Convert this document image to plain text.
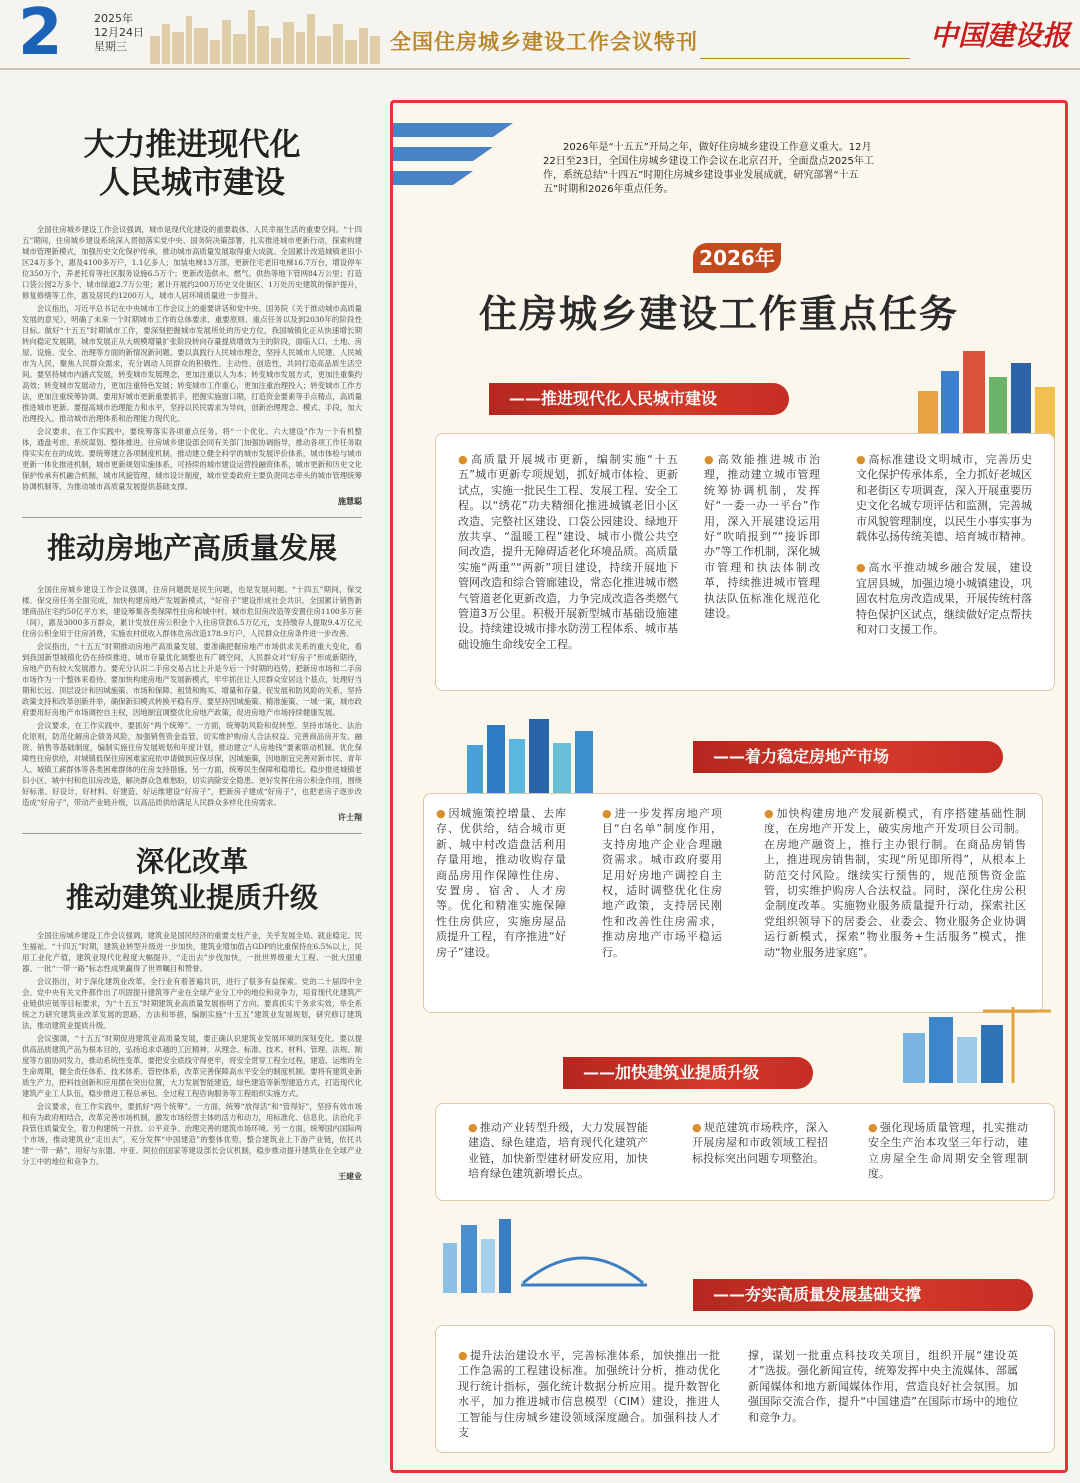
2	2025年
12月24日
星期三	全国住房城乡建设工作会议特刊	中国建设报
大力推进现代化
人民城市建设

全国住房城乡建设工作会议强调，城市是现代化建设的重要载体、人民幸福生活的重要空间。“十四五”期间，住房城乡建设系统深入贯彻落实党中央、国务院决策部署，扎实推进城市更新行动，探索构建城市管理新模式，加强历史文化保护传承，推动城市高质量发展取得重大成就。全国累计改造城镇老旧小区24万多个，惠及4100多万户，1.1亿多人；加装电梯13万部，更新住宅老旧电梯16.7万台，增设停车位350万个，养老托育等社区服务设施6.5万个；更新改造供水、燃气、供热等地下管网84万公里；打造口袋公园2万多个、城市绿道2.7万公里；累计开展约200万历史文化街区、1万处历史建筑的保护提升，修复修缮等工作，惠及居民约1200万人，城市人居环境质量进一步提升。

会议指出，习近平总书记在中央城市工作会议上的重要讲话和党中央、国务院《关于推动城市高质量发展的意见》，明确了未来一个时期城市工作的总体要求、重要原则、重点任务以及到2030年的阶段性目标。做好“十五五”时期城市工作，要深刻把握城市发展所处的历史方位，我国城镇化正从快速增长期转向稳定发展期，城市发展正从大规模增量扩张阶段转向存量提质增效为主的阶段，面临人口、土地、房屋、设施、安全、治理等方面的新情况新问题。要以真践行人民城市理念，坚持人民城市人民建、人民城市为人民，聚焦人民群众需求，充分调动人民群众的积极性、主动性、创造性，共同打造高品质生活空间。要坚持城市内涵式发展，转变城市发展理念，更加注重以人为本；转变城市发展方式，更加注重集约高效；转变城市发展动力，更加注重特色发展；转变城市工作重心，更加注重治理投入；转变城市工作方法，更加注重统筹协调。要用好城市更新重要抓手，把握实施窗口期，打造资金要素等手点精点，高质量推进城市更新。要提高城市治理能力和水平，坚持以民民需求为导向，创新治理理念、模式、手段，加大治理投入，推动城市治理体系和治理能力现代化。

会议要求，在工作实践中，要统筹落实各项重点任务。将“一个优化、六大建设”作为一个有机整体，通盘考虑、系统谋划、整体推进。住房城乡建设部会同有关部门加强协调指导，推动各项工作任务取得实实在在的成效。要统筹建立各项制度机制，推动建立健全科学的城市发展评价体系，城市体检与城市更新一体化推进机制，城市更新规划实施体系，可持续的城市建设运营投融资体系，城市更新和历史文化保护传承有机融合机制，城市风貌管理、城市设计制度，城市党委政府主要负责同志牵头的城市管理统筹协调机制等，为推动城市高质量发展提供基础支撑。

施慧聪
推动房地产高质量发展

全国住房城乡建设工作会议强调，住房问题既是民生问题，也是发展问题。“十四五”期间，保交楼、保交房任务全面完成，加快构建房地产发展新模式，“好房子”建设形成社会共识。全国累计销售新建商品住宅约50亿平方米，建设筹集各类保障性住房和城中村、城市危旧房改造等安置住房1100多万套（间），惠及3000多万群众，累计发放住房公积金个人住房贷款6.5万亿元，支持缴存人提取9.4万亿元住房公积金用于住房消费，实施农村低收入群体危房改造178.9万户，人民群众住房条件进一步改善。

会议指出，“十五五”时期推动房地产高质量发展，要准确把握房地产市场供求关系的重大变化，看到我国新型城镇化仍在持续推进，城市存量优化调整也有广阔空间，人民群众对“好房子”形成新期待，房地产仍有较大发展潜力。要充分认识二手房交易占比上升是今后一个时期的趋势，把新房市场和二手房市场作为一个整体来看待。要加快构建房地产发展新模式，牢牢抓住让人民群众安居这个基点，处理好当期和长远、顶层设计和因城施策、市场和保障、租赁和购买、增量和存量、促发展和防风险的关系，坚持政策支持和改革创新并举，确保新旧模式转换平稳有序。要坚持因城施策、精准施策、一城一策，城市政府要用好房地产市场调控自主权，因地制宜调整优化房地产政策，促进房地产市场持续健康发展。

会议要求，在工作实践中，要抓好“两个统筹”。一方面，统筹防风险和促转型。坚持市场化、法治化原则，防范化解房企债务风险，加强销售资金监管，切实维护购房人合法权益。完善商品房开发、融资、销售等基础制度，编制实施住房发展规划和年度计划，推动建立“人房地钱”要素联动机制。优化保障性住房供给，对城镇低保住房困难家庭依申请做到应保尽保，因城施策，因地制宜完善对新市民、青年人、城镇工薪群体等各类困难群体的住房支持措施。另一方面，统筹民生保障和稳增长。稳步推进城镇老旧小区、城中村和危旧房改造，解决群众急难愁盼，切实消除安全隐患。更好发挥住房公积金作用，围绕好标准、好设计、好材料、好建造、好运维建设“好房子”，把新房子建成“好房子”，也把老房子逐步改造成“好房子”，带动产业链升级，以高品质供给满足人民群众多样化住房需求。

许士翔
深化改革
推动建筑业提质升级

全国住房城乡建设工作会议强调，建筑业是国民经济的重要支柱产业，关乎发展全局、就业稳定、民生福祉。“十四五”时期，建筑业转型升级进一步加快，建筑业增加值占GDP的比重保持在6.5%以上，民用工业化产值，建筑业现代化程度大幅提升，“走出去”步伐加快，一批世界级重大工程、一批大国重器、一批“一带一路”标志性成果赢得了世界瞩目和赞誉。

会议指出，对于深化建筑业改革，全行业有着普遍共识，进行了很多有益探索。党的二十届四中全会、党中央有关文件都作出了巩固提升建筑等产业在全球产业分工中的地位和竞争力，培育现代化建筑产业链供应链等目标要求，为“十五五”时期建筑业高质量发展指明了方向。要真抓实干务求实效，举全系统之力研究建筑业改革发展的思路、方法和举措，编制实施“十五五”建筑业发展规划，研究修订建筑法，推动建筑业提质升级。

会议强调，“十五五”时期促进建筑业高质量发展，要正确认识建筑业发展环境的深刻变化。要以提供高品质建筑产品为根本目的，弘扬追求卓越的工匠精神，从理念、标准、技术、材料、管理、法规、制度等方面协同发力，推动系统性变革。要把安全底线守得更牢，将安全贯穿工程全过程，建造、运维的全生命周期，健全责任体系、技术体系、管控体系，改革完善保障高水平安全的制度机制。要将有建筑业新质生产力，把科技创新和应用摆在突出位置，大力发展智能建造，绿色建造等新型建造方式，打造现代化建筑产业工人队伍，稳步推进工程总承包、全过程工程咨询服务等工程组织实施方式。

会议要求，在工作实践中，要抓好“两个统筹”。一方面，统筹“放得活”和“管得好”，坚持有效市场和有为政府相结合，改革完善市场机制，激发市场经营主体的活力和动力，用标准化、信息化、法治化手段管住质量安全，着力构建统一开放、公平竞争、治理完善的建筑市场环境。另一方面，统筹国内国际两个市场，推动建筑业“走出去”，充分发挥“中国建造”的整体优势，整合建筑业上下游产业链，依托共建“一带一路”，用好与东盟、中亚、阿拉伯国家等建设部长会议机制，稳步推动提升建筑业在全球产业分工中的地位和竞争力。

王建业
2026年是“十五五”开局之年，做好住房城乡建设工作意义重大。12月22日至23日，全国住房城乡建设工作会议在北京召开，全面盘点2025年工作，系统总结“十四五”时期住房城乡建设事业发展成就，研究部署“十五五”时期和2026年重点任务。
2026年
住房城乡建设工作重点任务
——推进现代化人民城市建设
● 高质量开展城市更新，编制实施“十五五”城市更新专项规划，抓好城市体检、更新试点，实施一批民生工程、发展工程、安全工程。以“绣花”功夫精细化推进城镇老旧小区改造、完整社区建设、口袋公园建设、绿地开放共享、“温暖工程”建设、城市小微公共空间改造，提升无障碍适老化环境品质。高质量实施“两重”“两新”项目建设，持续开展地下管网改造和综合管廊建设，常态化推进城市燃气管道老化更新改造，力争完成改造各类燃气管道3万公里。积极开展新型城市基础设施建设。持续建设城市排水防涝工程体系、城市基础设施生命线安全工程。
● 高效能推进城市治理，推动建立城市管理统筹协调机制，发挥好“一委一办一平台”作用，深入开展建设运用好“吹哨报到”“接诉即办”等工作机制，深化城市管理和执法体制改革，持续推进城市管理执法队伍标准化规范化建设。
● 高标准建设文明城市，完善历史文化保护传承体系，全力抓好老城区和老街区专项调查，深入开展重要历史文化名城专项评估和监测，完善城市风貌管理制度，以民生小事实事为载体弘扬传统美德、培育城市精神。
● 高水平推动城乡融合发展，建设宜居县城，加强边境小城镇建设，巩固农村危房改造成果，开展传统村落特色保护区试点，继续做好定点帮扶和对口支援工作。
——着力稳定房地产市场
● 因城施策控增量、去库存、优供给，结合城市更新、城中村改造盘活利用存量用地，推动收购存量商品房用作保障性住房、安置房、宿舍、人才房等。优化和精准实施保障性住房供应，实施房屋品质提升工程，有序推进“好房子”建设。
● 进一步发挥房地产项目“白名单”制度作用，支持房地产企业合理融资需求。城市政府要用足用好房地产调控自主权，适时调整优化住房地产政策，支持居民刚性和改善性住房需求，推动房地产市场平稳运行。
● 加快构建房地产发展新模式，有序搭建基础性制度，在房地产开发上，破实房地产开发项目公司制。在房地产融资上，推行主办银行制。在商品房销售上，推进现房销售制，实现“所见即所得”，从根本上防范交付风险。继续实行预售的，规范预售资金监管，切实维护购房人合法权益。同时，深化住房公积金制度改革。实施物业服务质量提升行动，探索社区党组织领导下的居委会、业委会、物业服务企业协调运行新模式，探索“物业服务+生活服务”模式，推动“物业服务进家庭”。
——加快建筑业提质升级
● 推动产业转型升级，大力发展智能建造、绿色建造，培育现代化建筑产业链，加快新型建材研发应用，加快培育绿色建筑新增长点。
● 规范建筑市场秩序，深入开展房屋和市政领域工程招标投标突出问题专项整治。
● 强化现场质量管理，扎实推动安全生产治本攻坚三年行动，建立房屋全生命周期安全管理制度。
——夯实高质量发展基础支撑
● 提升法治建设水平，完善标准体系，加快推出一批工作急需的工程建设标准。加强统计分析，推动优化现行统计指标，强化统计数据分析应用。提升数智化水平，加力推进城市信息模型（CIM）建设，推进人工智能与住房城乡建设领域深度融合。加强科技人才支
撑，谋划一批重点科技攻关项目，组织开展“建设英才”选拔。强化新闻宣传，统筹发挥中央主流媒体、部属新闻媒体和地方新闻媒体作用，营造良好社会氛围。加强国际交流合作，提升“中国建造”在国际市场中的地位和竞争力。
